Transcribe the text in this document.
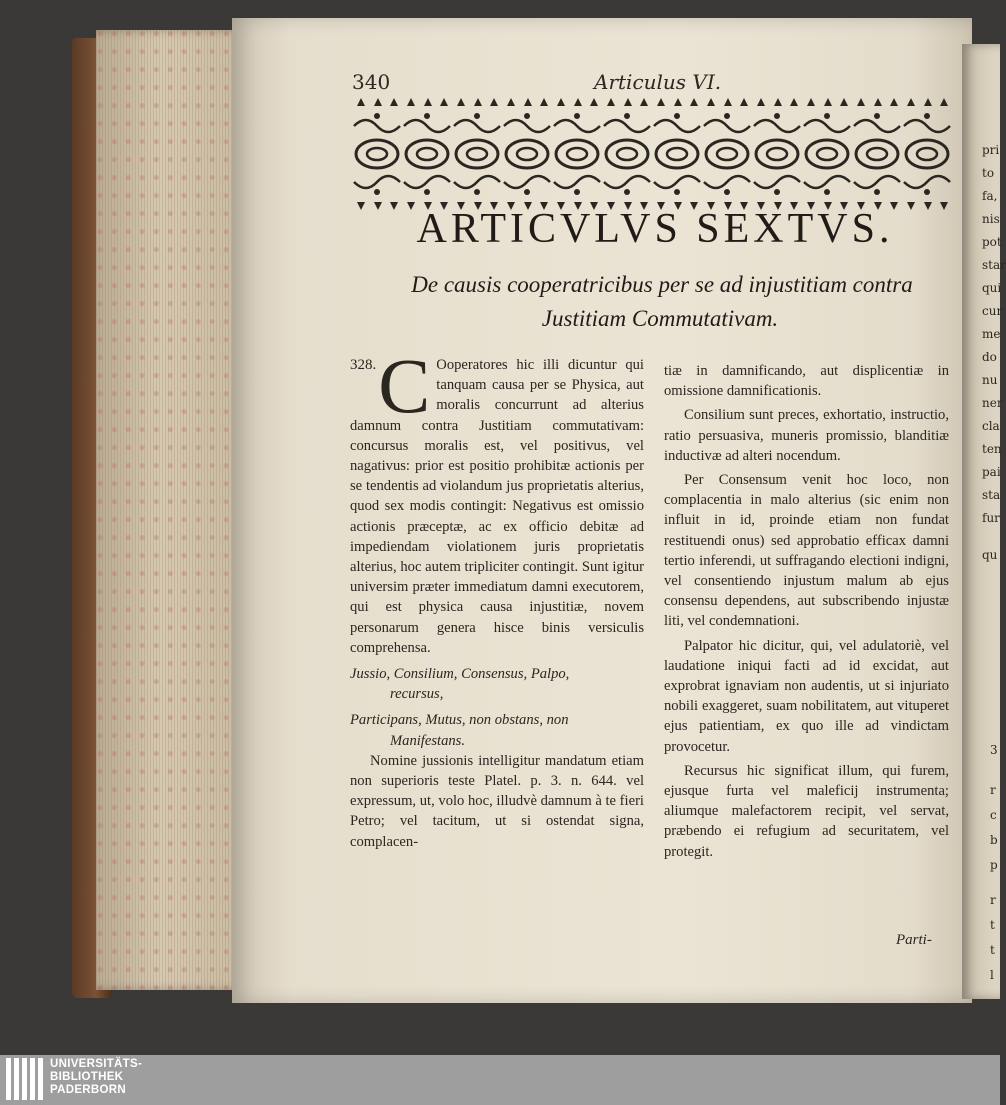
pri
to
fa,
nis
pot
star
qui
cur
me
do
nu
ner
cla
ten
pai
sta
fur
qu
3
r
c
b
p
r
t
t
l
340	Articulus VI.
ARTICVLVS SEXTVS.
De causis cooperatricibus per se ad injustitiam contra
Justitiam Commutativam.

328. C Ooperatores hic illi dicuntur qui tanquam causa per se Physica, aut moralis concurrunt ad alterius damnum contra Justitiam commutativam: concursus moralis est, vel positivus, vel nagativus: prior est positio prohibitæ actionis per se tendentis ad violandum jus proprietatis alterius, quod sex modis contingit: Negativus est omissio actionis præceptæ, ac ex officio debitæ ad impediendam violationem juris proprietatis alterius, hoc autem tripliciter contingit. Sunt igitur universim præter immediatum damni executorem, qui est physica causa injustitiæ, novem personarum genera hisce binis versiculis comprehensa.

Jussio, Consilium, Consensus, Palpo,

recursus,

Participans, Mutus, non obstans, non

Manifestans.

Nomine jussionis intelligitur mandatum etiam non superioris teste Platel. p. 3. n. 644. vel expressum, ut, volo hoc, illudvè damnum à te fieri Petro; vel tacitum, ut si ostendat signa, complacen-

tiæ in damnificando, aut displicentiæ in omissione damnificationis.

Consilium sunt preces, exhortatio, instructio, ratio persuasiva, muneris promissio, blanditiæ inductivæ ad alteri nocendum.

Per Consensum venit hoc loco, non complacentia in malo alterius (sic enim non influit in id, proinde etiam non fundat restituendi onus) sed approbatio efficax damni tertio inferendi, ut suffragando electioni indigni, vel consentiendo injustum malum ab ejus consensu dependens, aut subscribendo injustæ liti, vel condemnationi.

Palpator hic dicitur, qui, vel adulatoriè, vel laudatione iniqui facti ad id excidat, aut exprobrat ignaviam non audentis, ut si injuriato nobili exaggeret, suam nobilitatem, aut vituperet ejus patientiam, ex quo ille ad vindictam provocetur.

Recursus hic significat illum, qui furem, ejusque furta vel maleficij instrumenta; aliumque malefactorem recipit, vel servat, præbendo ei refugium ad securitatem, vel protegit.

Parti-
UNIVERSITÄTS-
BIBLIOTHEK
PADERBORN
